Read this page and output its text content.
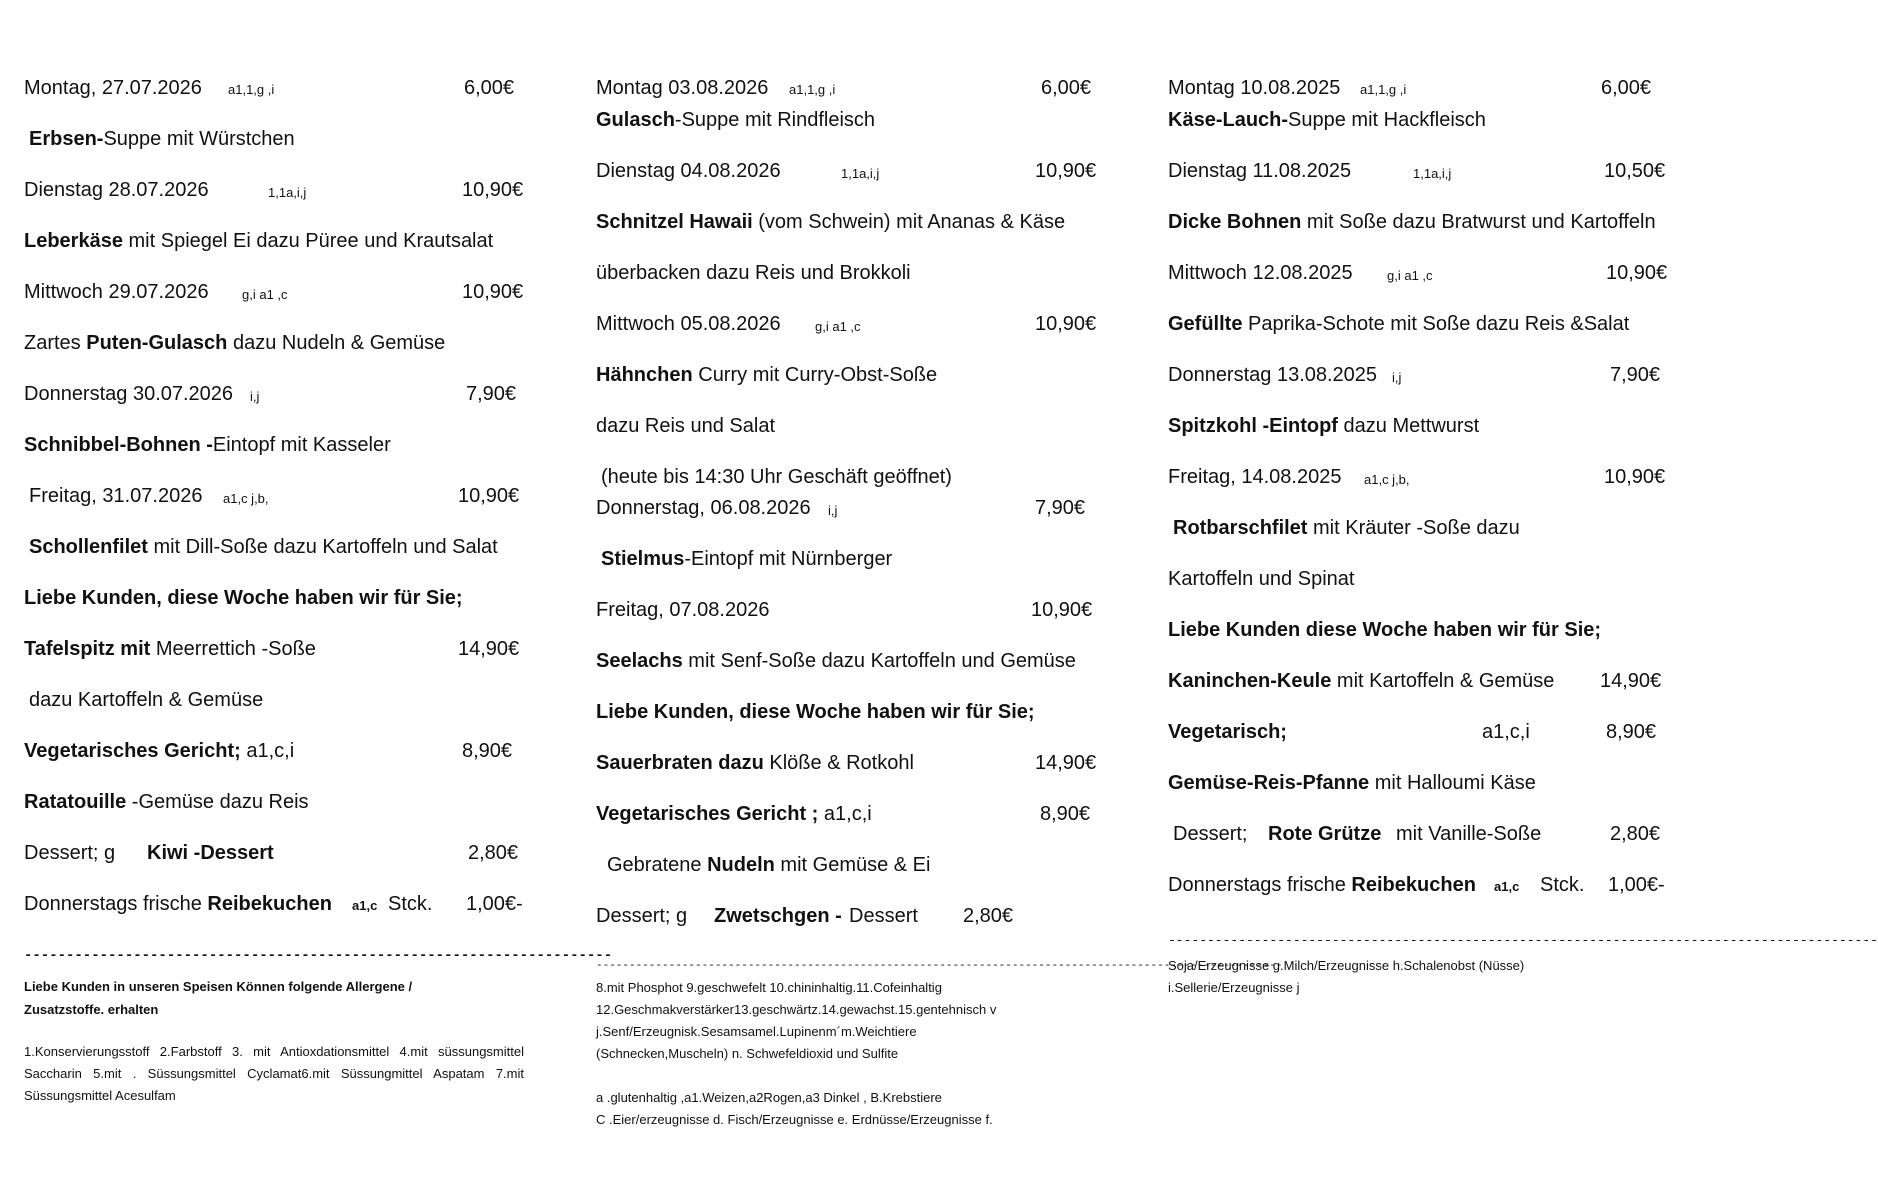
Montag, 27.07.2026 a1,1,g ,i	6,00€
Erbsen-Suppe mit Würstchen
Dienstag 28.07.2026	1,1a,i,j	10,90€
Leberkäse mit Spiegel Ei dazu Püree und Krautsalat
Mittwoch 29.07.2026	g,i a1 ,c	10,90€
Zartes Puten-Gulasch dazu Nudeln & Gemüse
Donnerstag 30.07.2026 i,j	7,90€
Schnibbel-Bohnen -Eintopf mit Kasseler
Freitag, 31.07.2026 a1,c j,b,	10,90€
Schollenfilet mit Dill-Soße dazu Kartoffeln und Salat
Liebe Kunden, diese Woche haben wir für Sie;
Tafelspitz mit Meerrettich -Soße	14,90€
dazu Kartoffeln & Gemüse
Vegetarisches Gericht; a1,c,i	8,90€
Ratatouille -Gemüse dazu Reis
Dessert; g Kiwi -Dessert	2,80€
Donnerstags frische Reibekuchen a1,c Stck. 1,00€-
----------------------------------------------------------------------
Liebe Kunden in unseren Speisen Können folgende Allergene /
Zusatzstoffe. erhalten
1.Konservierungsstoff 2.Farbstoff 3. mit Antioxdationsmittel 4.mit süssungsmittel Saccharin 5.mit . Süssungsmittel Cyclamat6.mit Süssungmittel Aspatam 7.mit Süssungsmittel Acesulfam
Montag 03.08.2026 a1,1,g ,i	6,00€
Gulasch-Suppe mit Rindfleisch
Dienstag 04.08.2026	1,1a,i,j	10,90€
Schnitzel Hawaii (vom Schwein) mit Ananas & Käse
überbacken dazu Reis und Brokkoli
Mittwoch 05.08.2026	g,i a1 ,c	10,90€
Hähnchen Curry mit Curry-Obst-Soße
dazu Reis und Salat
(heute bis 14:30 Uhr Geschäft geöffnet)
Donnerstag, 06.08.2026 i,j	7,90€
Stielmus-Eintopf mit Nürnberger
Freitag, 07.08.2026	10,90€
Seelachs mit Senf-Soße dazu Kartoffeln und Gemüse
Liebe Kunden, diese Woche haben wir für Sie;
Sauerbraten dazu Klöße & Rotkohl	14,90€
Vegetarisches Gericht ; a1,c,i	8,90€
Gebratene Nudeln mit Gemüse & Ei
Dessert; g Zwetschgen - Dessert 2,80€
--------------------------------------------------------------------------------------------------------
8.mit Phosphot 9.geschwefelt 10.chininhaltig.11.Cofeinhaltig
12.Geschmakverstärker13.geschwärtz.14.gewachst.15.gentehnisch v
j.Senf/Erzeugnisk.Sesamsamel.Lupinenm´m.Weichtiere
(Schnecken,Muscheln) n. Schwefeldioxid und Sulfite
a .glutenhaltig ,a1.Weizen,a2Rogen,a3 Dinkel , B.Krebstiere
C .Eier/erzeugnisse d. Fisch/Erzeugnisse e. Erdnüsse/Erzeugnisse f.
Montag 10.08.2025 a1,1,g ,i	6,00€
Käse-Lauch-Suppe mit Hackfleisch
Dienstag 11.08.2025	1,1a,i,j	10,50€
Dicke Bohnen mit Soße dazu Bratwurst und Kartoffeln
Mittwoch 12.08.2025	g,i a1 ,c	10,90€
Gefüllte Paprika-Schote mit Soße dazu Reis &Salat
Donnerstag 13.08.2025 i,j	7,90€
Spitzkohl -Eintopf dazu Mettwurst
Freitag, 14.08.2025 a1,c j,b,	10,90€
Rotbarschfilet mit Kräuter -Soße dazu
Kartoffeln und Spinat
Liebe Kunden diese Woche haben wir für Sie;
Kaninchen-Keule mit Kartoffeln & Gemüse 14,90€
Vegetarisch;	a1,c,i	8,90€
Gemüse-Reis-Pfanne mit Halloumi Käse
Dessert; Rote Grütze mit Vanille-Soße	2,80€
Donnerstags frische Reibekuchen a1,c Stck. 1,00€-
-------------------------------------------------------------------------------------------
Soja/Erzeugnisse g.Milch/Erzeugnisse h.Schalenobst (Nüsse)
i.Sellerie/Erzeugnisse j
